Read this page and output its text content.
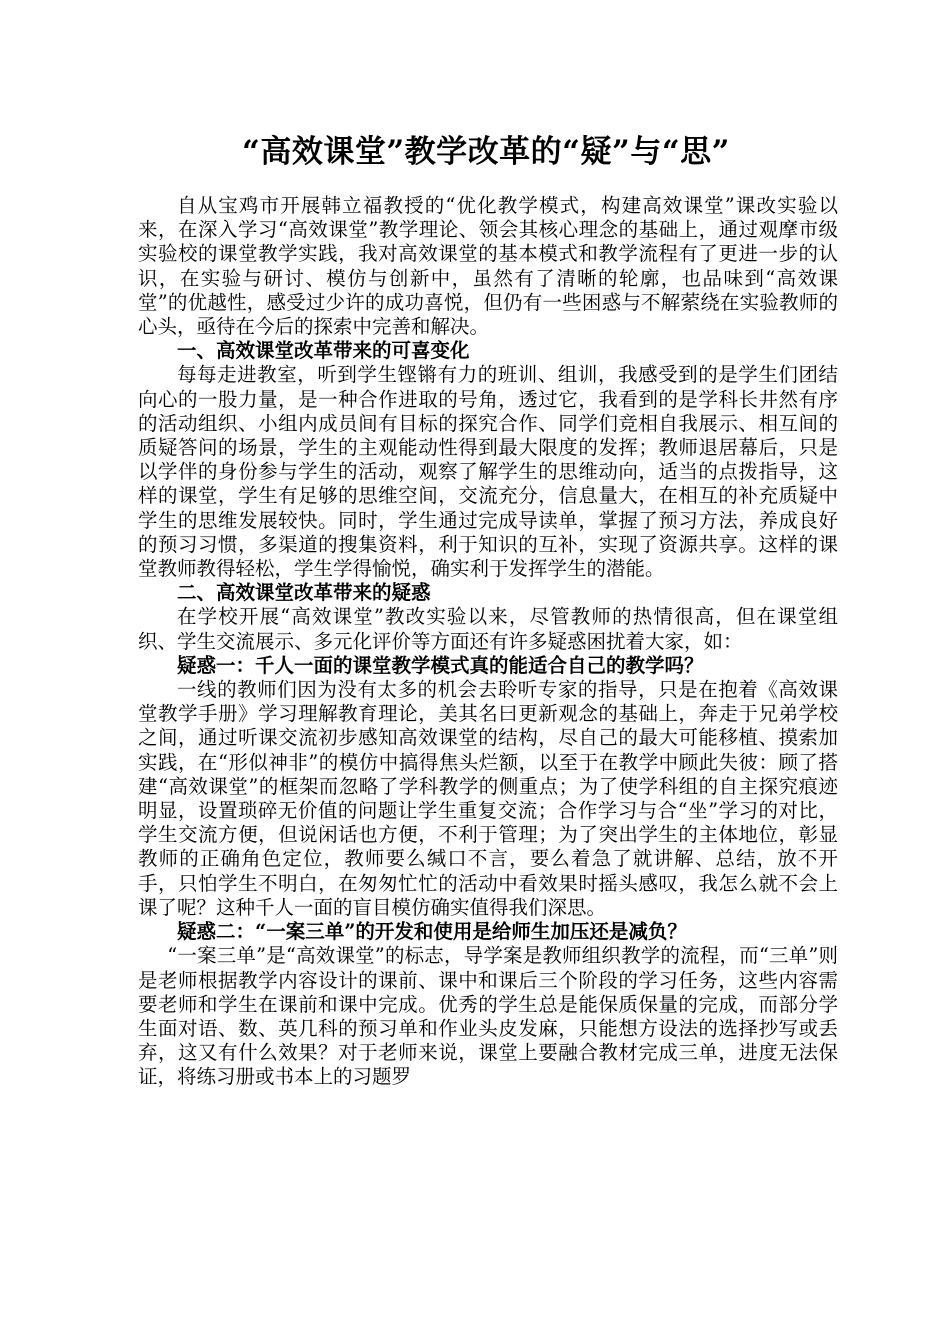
“高效课堂”教学改革的“疑”与“思”

自从宝鸡市开展韩立福教授的“优化教学模式，构建高效课堂”课改实验以来，在深入学习“高效课堂”教学理论、领会其核心理念的基础上，通过观摩市级实验校的课堂教学实践，我对高效课堂的基本模式和教学流程有了更进一步的认识，在实验与研讨、模仿与创新中，虽然有了清晰的轮廓，也品味到“高效课堂”的优越性，感受过少许的成功喜悦，但仍有一些困惑与不解萦绕在实验教师的心头，亟待在今后的探索中完善和解决。

一、高效课堂改革带来的可喜变化

每每走进教室，听到学生铿锵有力的班训、组训，我感受到的是学生们团结向心的一股力量，是一种合作进取的号角，透过它，我看到的是学科长井然有序的活动组织、小组内成员间有目标的探究合作、同学们竞相自我展示、相互间的质疑答问的场景，学生的主观能动性得到最大限度的发挥；教师退居幕后，只是以学伴的身份参与学生的活动，观察了解学生的思维动向，适当的点拨指导，这样的课堂，学生有足够的思维空间，交流充分，信息量大，在相互的补充质疑中学生的思维发展较快。同时，学生通过完成导读单，掌握了预习方法，养成良好的预习习惯，多渠道的搜集资料，利于知识的互补，实现了资源共享。这样的课堂教师教得轻松，学生学得愉悦，确实利于发挥学生的潜能。

二、高效课堂改革带来的疑惑

在学校开展“高效课堂”教改实验以来，尽管教师的热情很高，但在课堂组织、学生交流展示、多元化评价等方面还有许多疑惑困扰着大家，如：

疑惑一：千人一面的课堂教学模式真的能适合自己的教学吗？

一线的教师们因为没有太多的机会去聆听专家的指导，只是在抱着《高效课堂教学手册》学习理解教育理论，美其名曰更新观念的基础上，奔走于兄弟学校之间，通过听课交流初步感知高效课堂的结构，尽自己的最大可能移植、摸索加实践，在“形似神非”的模仿中搞得焦头烂额，以至于在教学中顾此失彼：顾了搭建“高效课堂”的框架而忽略了学科教学的侧重点；为了使学科组的自主探究痕迹明显，设置琐碎无价值的问题让学生重复交流；合作学习与合“坐”学习的对比，学生交流方便，但说闲话也方便，不利于管理；为了突出学生的主体地位，彰显教师的正确角色定位，教师要么缄口不言，要么着急了就讲解、总结，放不开手，只怕学生不明白，在匆匆忙忙的活动中看效果时摇头感叹，我怎么就不会上课了呢？这种千人一面的盲目模仿确实值得我们深思。

疑惑二：“一案三单”的开发和使用是给师生加压还是减负？

“一案三单”是“高效课堂”的标志，导学案是教师组织教学的流程，而“三单”则是老师根据教学内容设计的课前、课中和课后三个阶段的学习任务，这些内容需要老师和学生在课前和课中完成。优秀的学生总是能保质保量的完成，而部分学生面对语、数、英几科的预习单和作业头皮发麻，只能想方设法的选择抄写或丢弃，这又有什么效果？对于老师来说，课堂上要融合教材完成三单，进度无法保证，将练习册或书本上的习题罗
